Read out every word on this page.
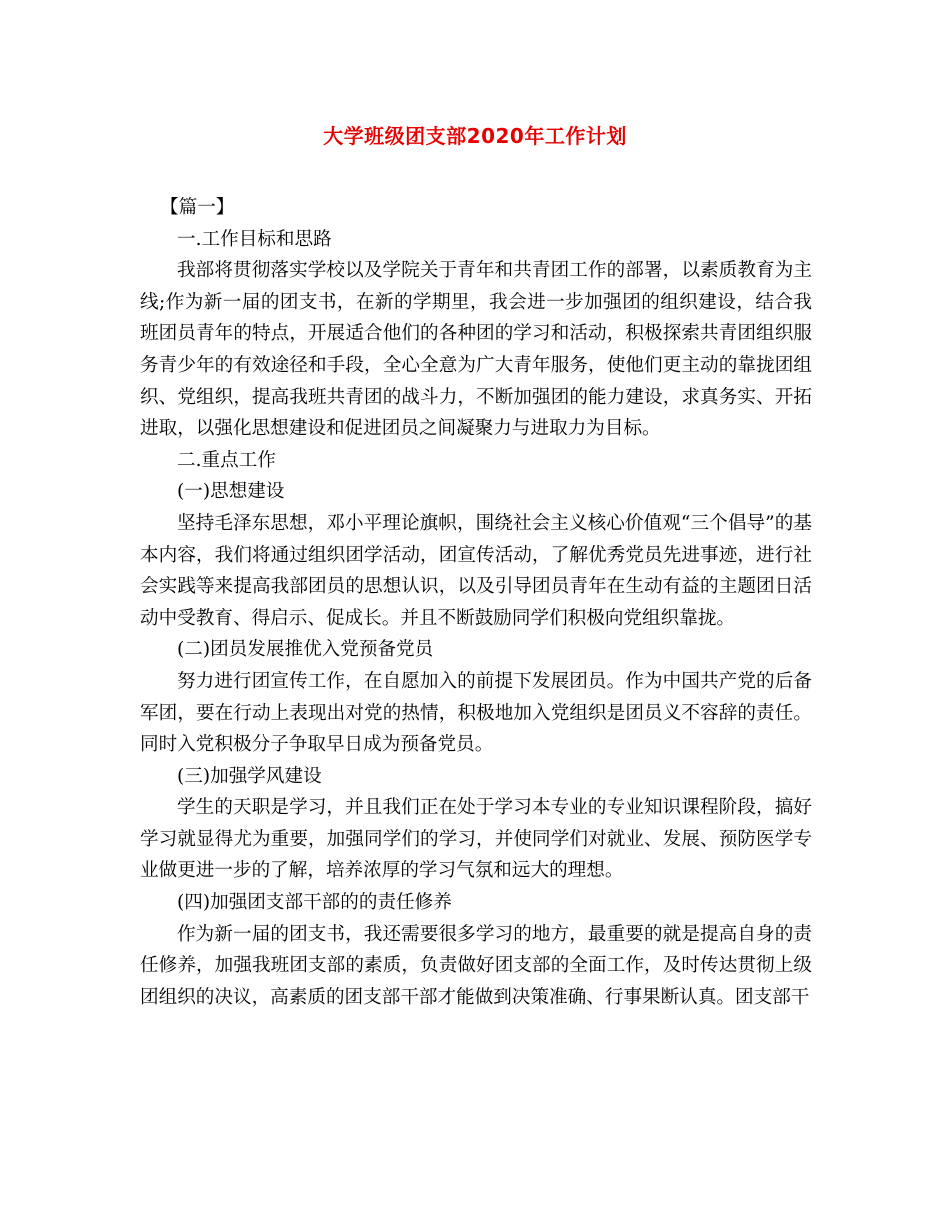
大学班级团支部2020年工作计划

【篇一】

一.工作目标和思路

我部将贯彻落实学校以及学院关于青年和共青团工作的部署，以素质教育为主线;作为新一届的团支书，在新的学期里，我会进一步加强团的组织建设，结合我班团员青年的特点，开展适合他们的各种团的学习和活动，积极探索共青团组织服务青少年的有效途径和手段，全心全意为广大青年服务，使他们更主动的靠拢团组织、党组织，提高我班共青团的战斗力，不断加强团的能力建设，求真务实、开拓进取，以强化思想建设和促进团员之间凝聚力与进取力为目标。

二.重点工作

(一)思想建设

坚持毛泽东思想，邓小平理论旗帜，围绕社会主义核心价值观“三个倡导”的基本内容，我们将通过组织团学活动，团宣传活动，了解优秀党员先进事迹，进行社会实践等来提高我部团员的思想认识，以及引导团员青年在生动有益的主题团日活动中受教育、得启示、促成长。并且不断鼓励同学们积极向党组织靠拢。

(二)团员发展推优入党预备党员

努力进行团宣传工作，在自愿加入的前提下发展团员。作为中国共产党的后备军团，要在行动上表现出对党的热情，积极地加入党组织是团员义不容辞的责任。同时入党积极分子争取早日成为预备党员。

(三)加强学风建设

学生的天职是学习，并且我们正在处于学习本专业的专业知识课程阶段，搞好学习就显得尤为重要，加强同学们的学习，并使同学们对就业、发展、预防医学专业做更进一步的了解，培养浓厚的学习气氛和远大的理想。

(四)加强团支部干部的的责任修养

作为新一届的团支书，我还需要很多学习的地方，最重要的就是提高自身的责任修养，加强我班团支部的素质，负责做好团支部的全面工作，及时传达贯彻上级团组织的决议，高素质的团支部干部才能做到决策准确、行事果断认真。团支部干
